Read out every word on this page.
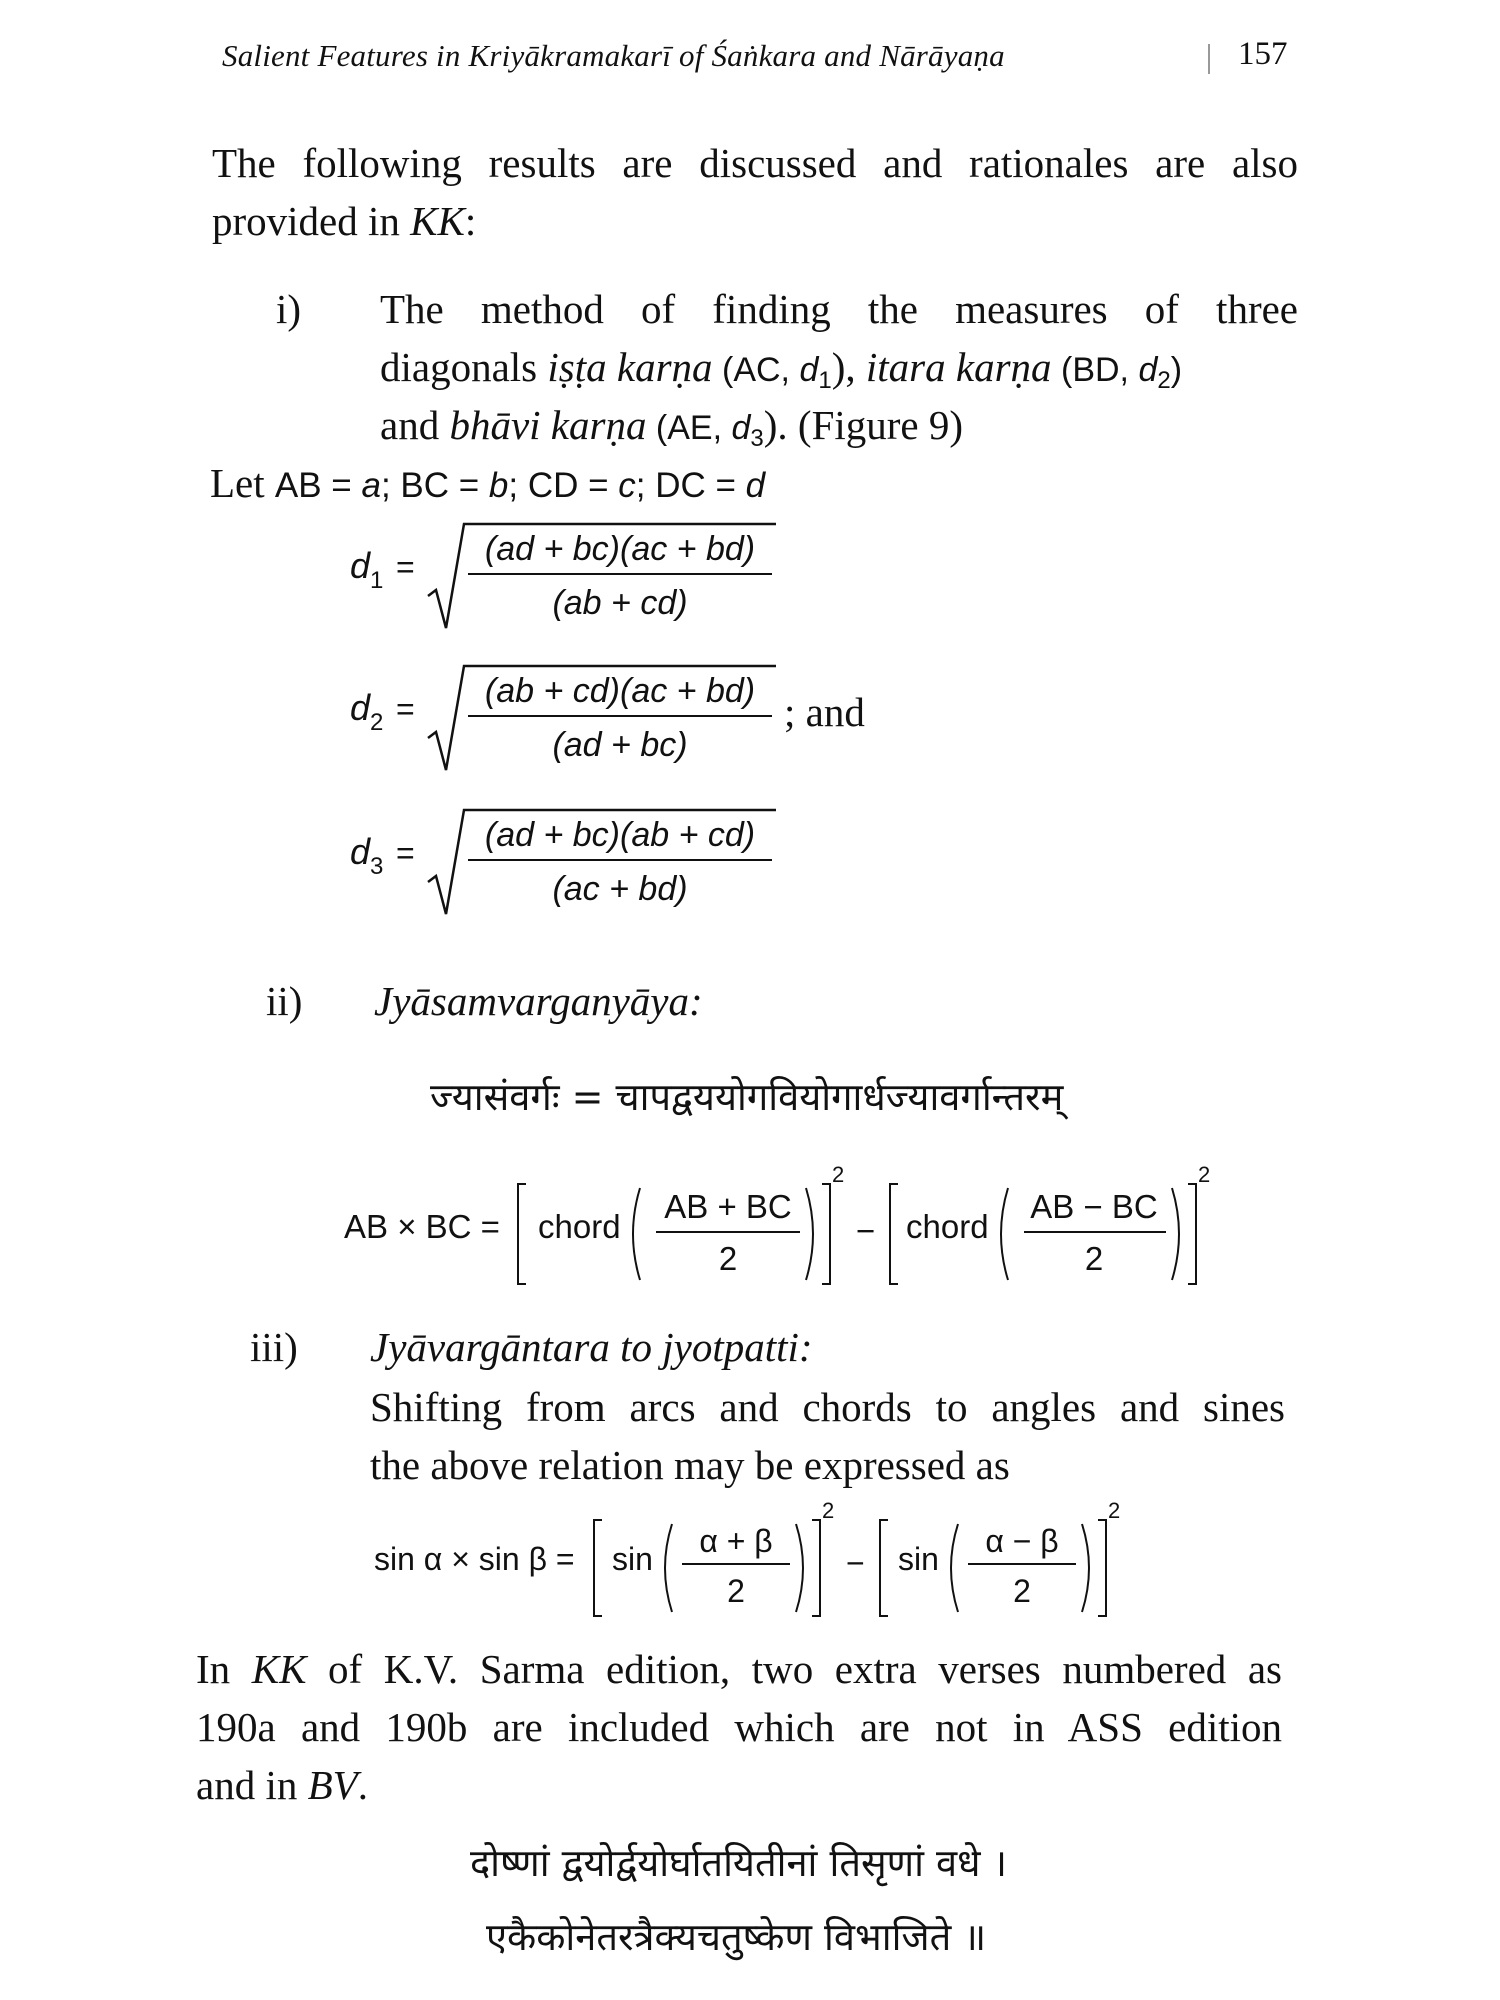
Salient Features in Kriyākramakarī of Śaṅkara and Nārāyaṇa	157
The following results are discussed and rationales are also
provided in KK:
i) The method of finding the measures of three
diagonals iṣṭa karṇa (AC, d1), itara karṇa (BD, d2)
and bhāvi karṇa (AE, d3). (Figure 9)
Let AB = a; BC = b; CD = c; DC = d
d 1 = (ad + bc)(ac + bd)
(ab + cd)
d 2 = (ab + cd)(ac + bd)
(ad + bc)
; and
d 3 = (ad + bc)(ab + cd)
(ac + bd)
ii) Jyāsamvarganyāya:
ज्यासंवर्गः = चापद्वययोगवियोगार्धज्यावर्गान्तरम्
AB × BC = chord
AB + BC
2
2
− chord
AB − BC
2
2
iii) Jyāvargāntara to jyotpatti:
Shifting from arcs and chords to angles and sines
the above relation may be expressed as
sin α × sin β = sin α + β
2
2
− sin α − β
2
2
In KK of K.V. Sarma edition, two extra verses numbered as
190a and 190b are included which are not in ASS edition
and in BV.
दोष्णां द्वयोर्द्वयोर्घातयितीनां तिसृणां वधे ।
एकैकोनेतरत्रैक्यचतुष्केण विभाजिते ॥
